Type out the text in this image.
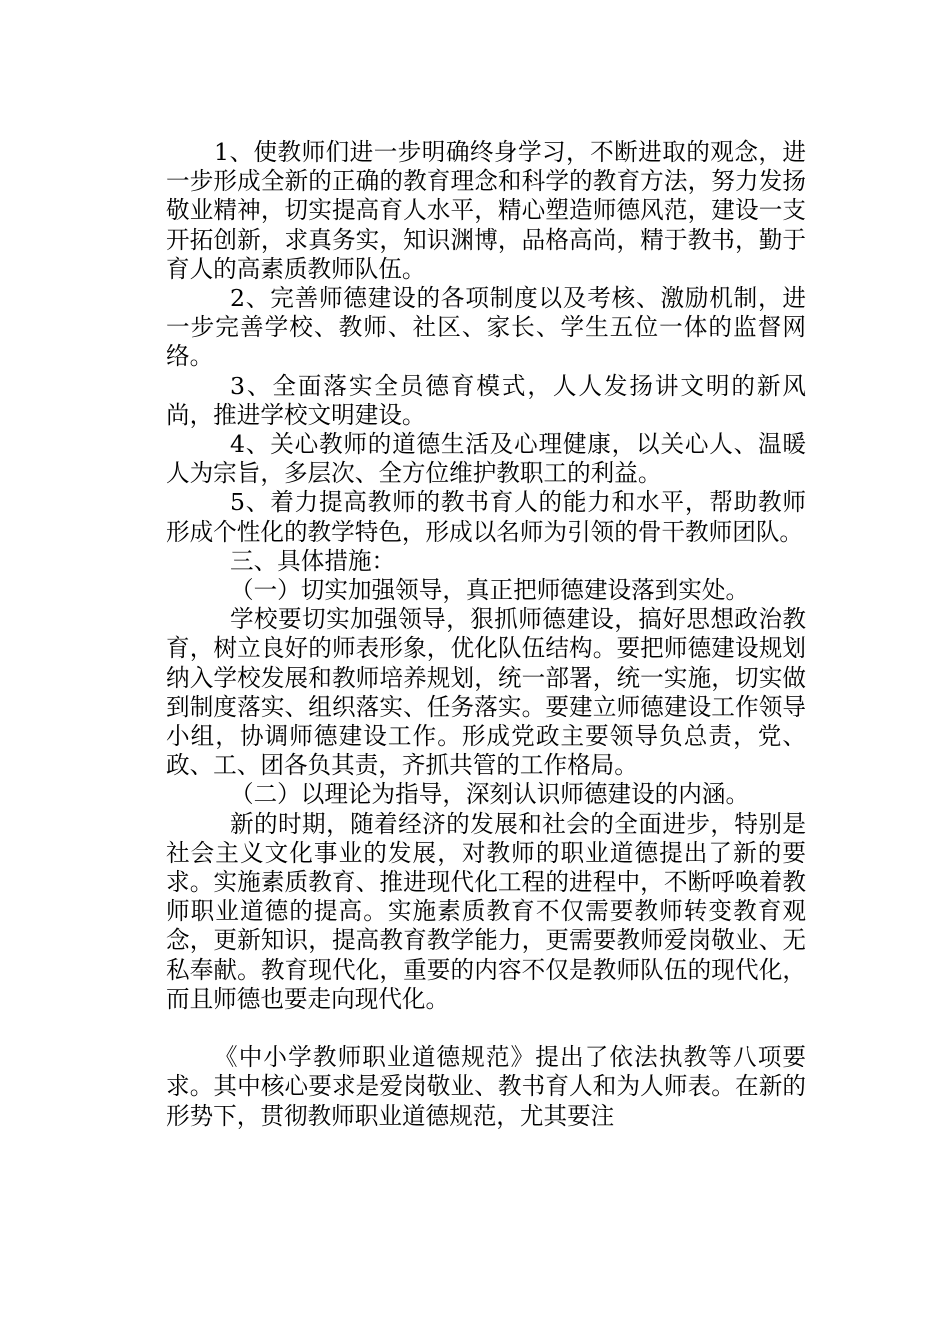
1、使教师们进一步明确终身学习，不断进取的观念，进一步形成全新的正确的教育理念和科学的教育方法，努力发扬敬业精神，切实提高育人水平，精心塑造师德风范，建设一支开拓创新，求真务实，知识渊博，品格高尚，精于教书，勤于育人的高素质教师队伍。

2、完善师德建设的各项制度以及考核、激励机制，进一步完善学校、教师、社区、家长、学生五位一体的监督网络。

3、全面落实全员德育模式，人人发扬讲文明的新风尚，推进学校文明建设。

4、关心教师的道德生活及心理健康，以关心人、温暖人为宗旨，多层次、全方位维护教职工的利益。

5、着力提高教师的教书育人的能力和水平，帮助教师形成个性化的教学特色，形成以名师为引领的骨干教师团队。

三、具体措施：

（一）切实加强领导，真正把师德建设落到实处。

学校要切实加强领导，狠抓师德建设，搞好思想政治教育，树立良好的师表形象，优化队伍结构。要把师德建设规划纳入学校发展和教师培养规划，统一部署，统一实施，切实做到制度落实、组织落实、任务落实。要建立师德建设工作领导小组，协调师德建设工作。形成党政主要领导负总责，党、政、工、团各负其责，齐抓共管的工作格局。

（二）以理论为指导，深刻认识师德建设的内涵。

新的时期，随着经济的发展和社会的全面进步，特别是社会主义文化事业的发展，对教师的职业道德提出了新的要求。实施素质教育、推进现代化工程的进程中，不断呼唤着教师职业道德的提高。实施素质教育不仅需要教师转变教育观念，更新知识，提高教育教学能力，更需要教师爱岗敬业、无私奉献。教育现代化，重要的内容不仅是教师队伍的现代化，而且师德也要走向现代化。

《中小学教师职业道德规范》提出了依法执教等八项要求。其中核心要求是爱岗敬业、教书育人和为人师表。在新的形势下，贯彻教师职业道德规范，尤其要注
